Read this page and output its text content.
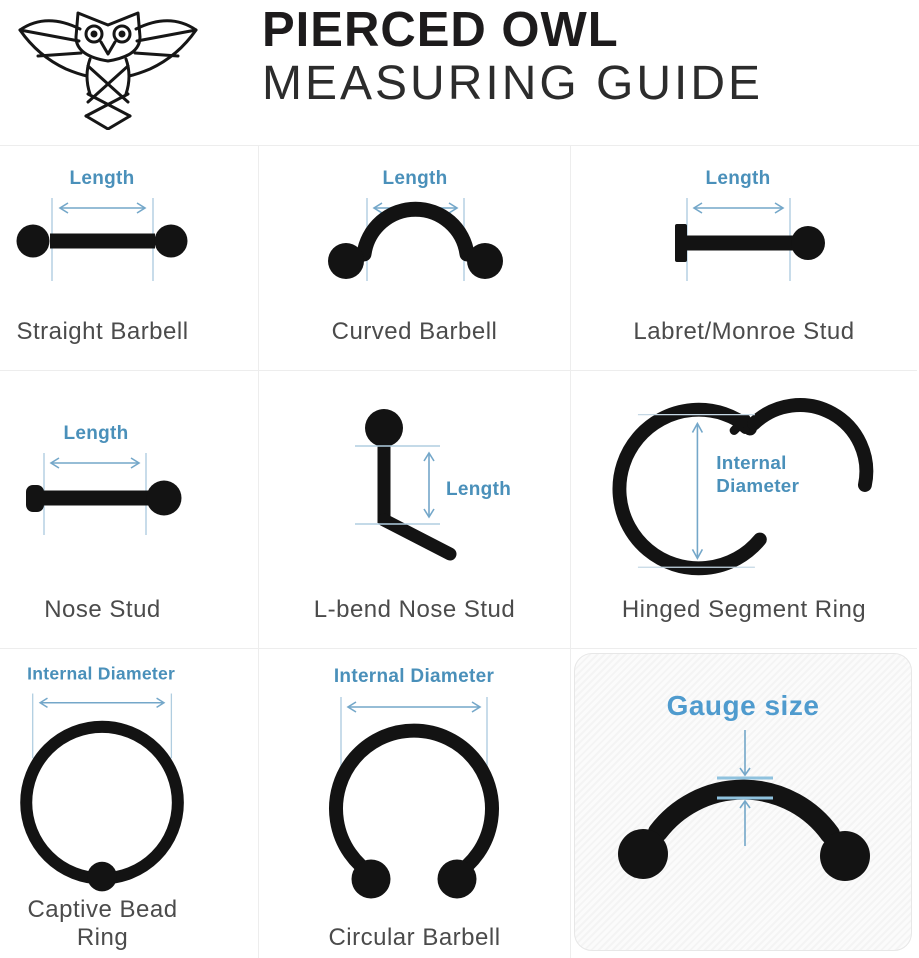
PIERCED OWL
MEASURING GUIDE
Length
Straight Barbell
Length
Curved Barbell
Length
Labret/Monroe Stud
Length
Nose Stud
Length
L-bend Nose Stud
Internal
Diameter
Hinged Segment Ring
Internal Diameter
Captive Bead Ring
Internal Diameter
Circular Barbell
Gauge size
